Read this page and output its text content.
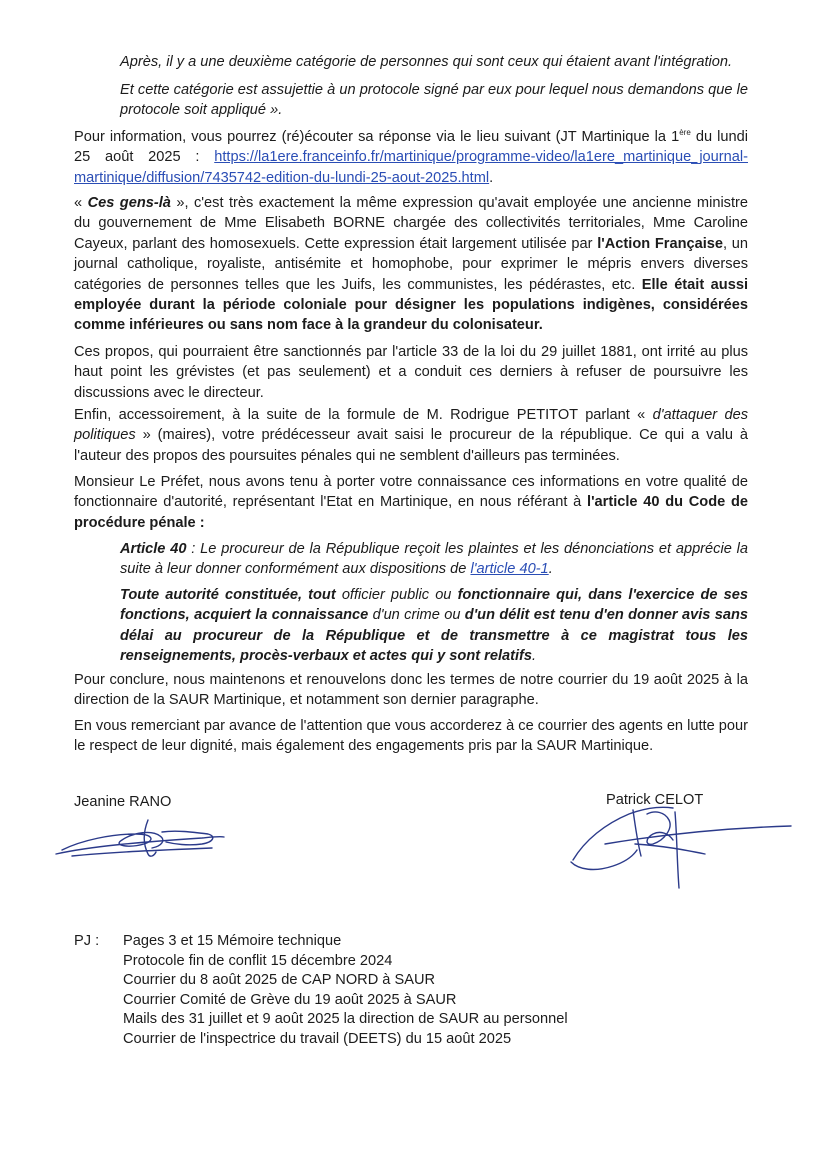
Après, il y a une deuxième catégorie de personnes qui sont ceux qui étaient avant l'intégration.

Et cette catégorie est assujettie à un protocole signé par eux pour lequel nous demandons que le protocole soit appliqué ».

Pour information, vous pourrez (ré)écouter sa réponse via le lieu suivant (JT Martinique la 1ère du lundi 25 août 2025 : https://la1ere.franceinfo.fr/martinique/programme-video/la1ere_martinique_journal-martinique/diffusion/7435742-edition-du-lundi-25-aout-2025.html.

« Ces gens-là », c'est très exactement la même expression qu'avait employée une ancienne ministre du gouvernement de Mme Elisabeth BORNE chargée des collectivités territoriales, Mme Caroline Cayeux, parlant des homosexuels. Cette expression était largement utilisée par l'Action Française, un journal catholique, royaliste, antisémite et homophobe, pour exprimer le mépris envers diverses catégories de personnes telles que les Juifs, les communistes, les pédérastes, etc. Elle était aussi employée durant la période coloniale pour désigner les populations indigènes, considérées comme inférieures ou sans nom face à la grandeur du colonisateur.

Ces propos, qui pourraient être sanctionnés par l'article 33 de la loi du 29 juillet 1881, ont irrité au plus haut point les grévistes (et pas seulement) et a conduit ces derniers à refuser de poursuivre les discussions avec le directeur.

Enfin, accessoirement, à la suite de la formule de M. Rodrigue PETITOT parlant « d'attaquer des politiques » (maires), votre prédécesseur avait saisi le procureur de la république. Ce qui a valu à l'auteur des propos des poursuites pénales qui ne semblent d'ailleurs pas terminées.

Monsieur Le Préfet, nous avons tenu à porter votre connaissance ces informations en votre qualité de fonctionnaire d'autorité, représentant l'Etat en Martinique, en nous référant à l'article 40 du Code de procédure pénale :

Article 40 : Le procureur de la République reçoit les plaintes et les dénonciations et apprécie la suite à leur donner conformément aux dispositions de l'article 40-1.

Toute autorité constituée, tout officier public ou fonctionnaire qui, dans l'exercice de ses fonctions, acquiert la connaissance d'un crime ou d'un délit est tenu d'en donner avis sans délai au procureur de la République et de transmettre à ce magistrat tous les renseignements, procès-verbaux et actes qui y sont relatifs.

Pour conclure, nous maintenons et renouvelons donc les termes de notre courrier du 19 août 2025 à la direction de la SAUR Martinique, et notamment son dernier paragraphe.

En vous remerciant par avance de l'attention que vous accorderez à ce courrier des agents en lutte pour le respect de leur dignité, mais également des engagements pris par la SAUR Martinique.

Jeanine RANO	Patrick CELOT
PJ : Pages 3 et 15 Mémoire technique
Protocole fin de conflit 15 décembre 2024
Courrier du 8 août 2025 de CAP NORD à SAUR
Courrier Comité de Grève du 19 août 2025 à SAUR
Mails des 31 juillet et 9 août 2025 la direction de SAUR au personnel
Courrier de l'inspectrice du travail (DEETS) du 15 août 2025
